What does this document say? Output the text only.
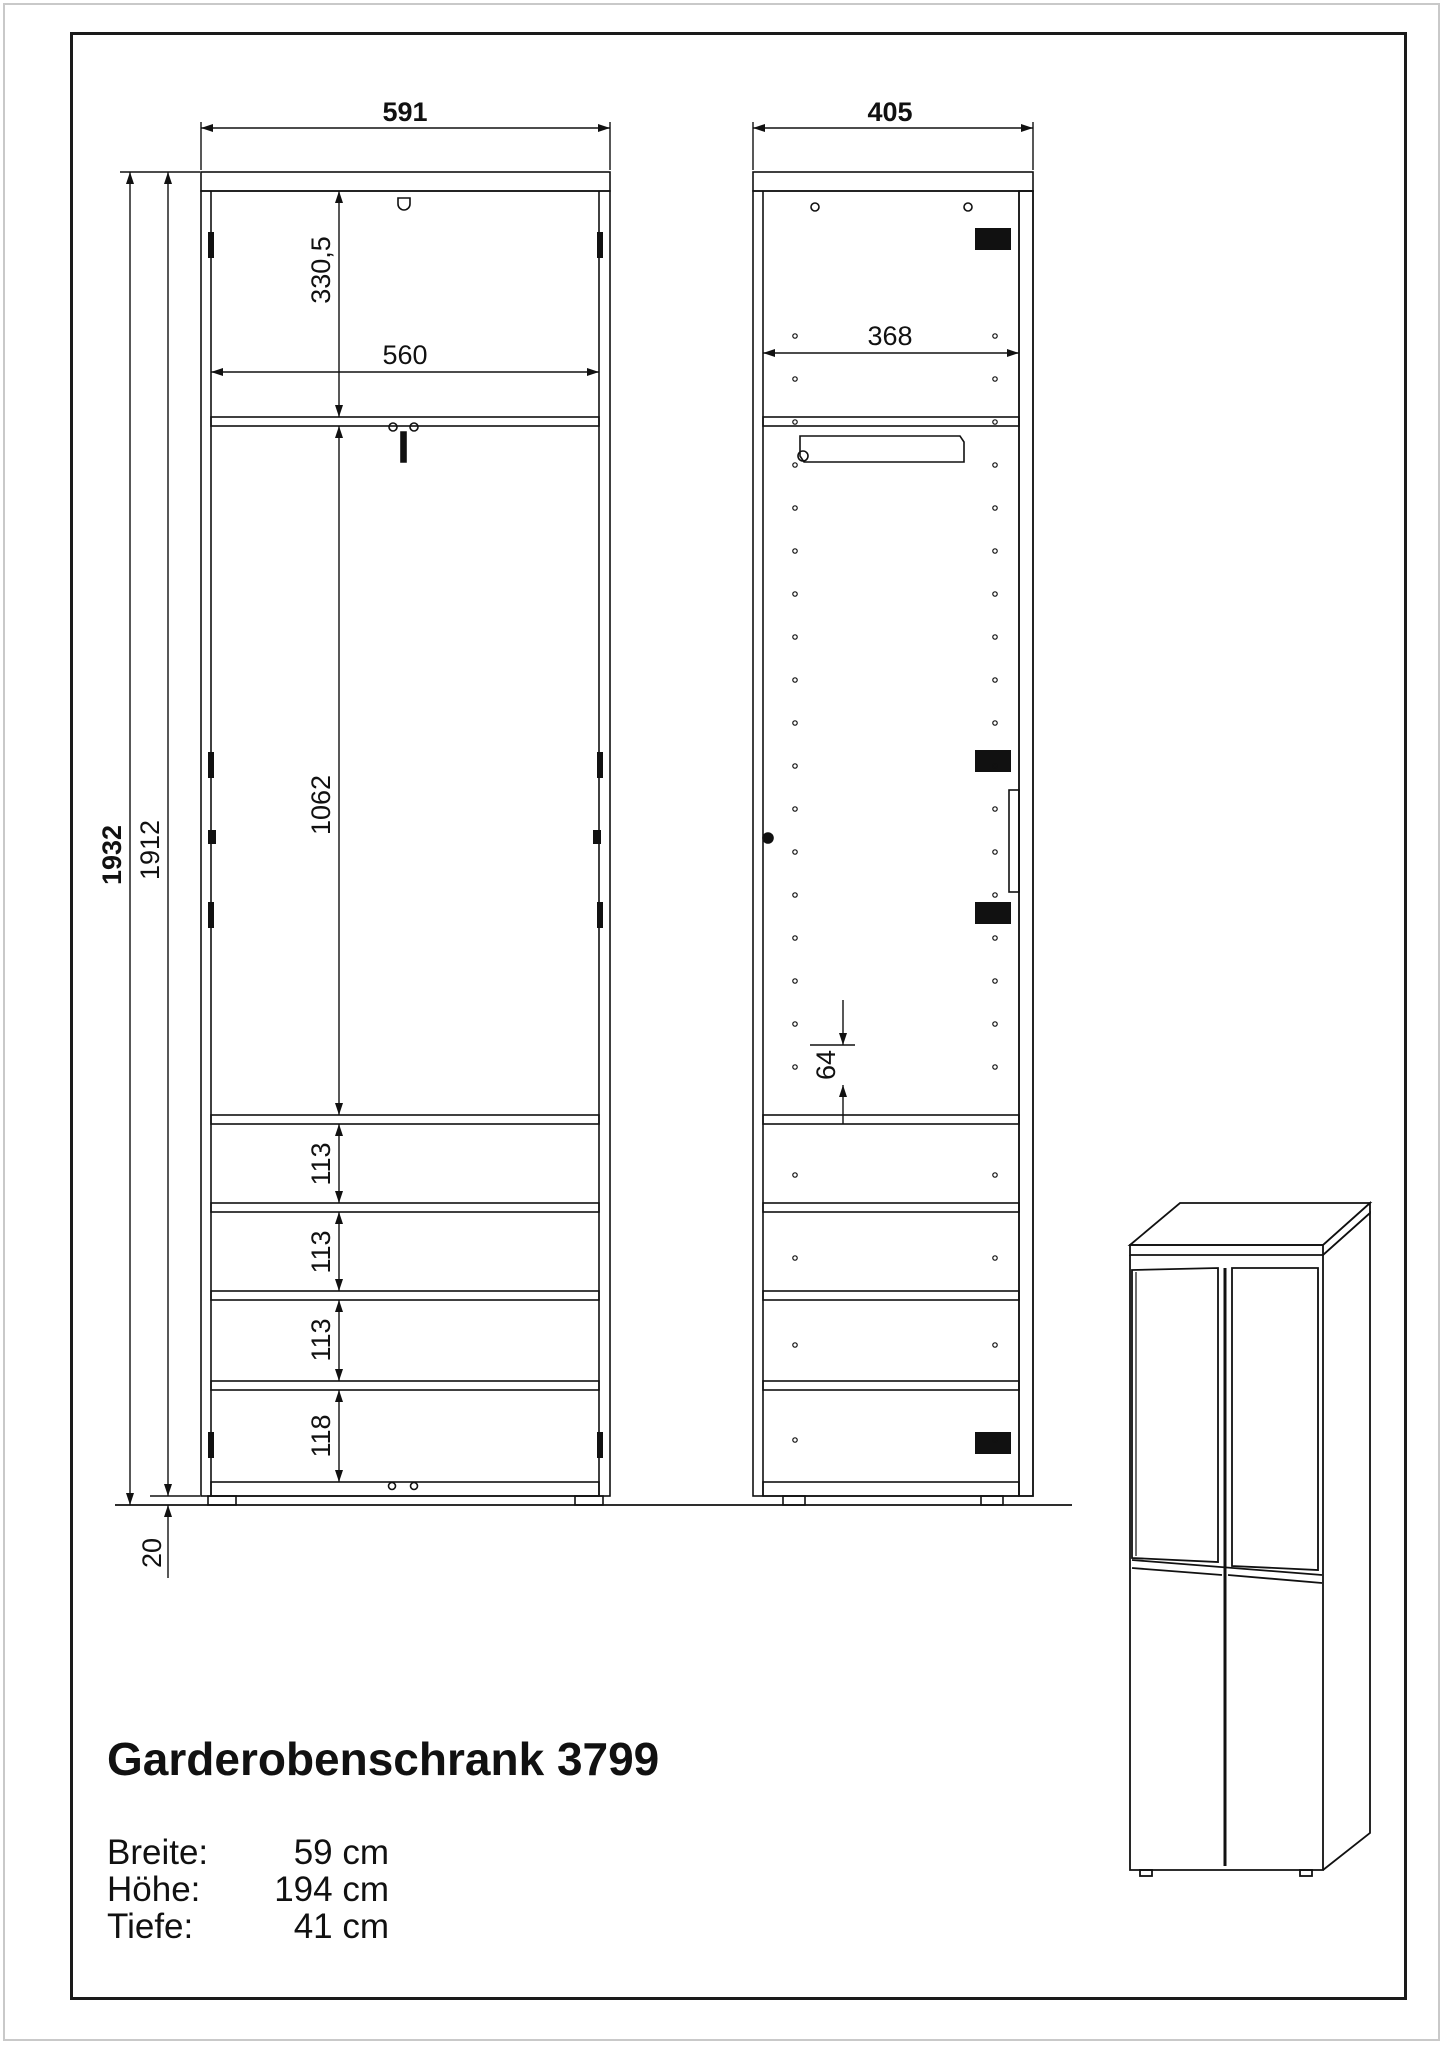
591
560
330,5
1062
113
113
113
118
1932 1912
20
405
368
64
Garderobenschrank 3799
Breite:	59 cm
Höhe:	194 cm
Tiefe:	41 cm
